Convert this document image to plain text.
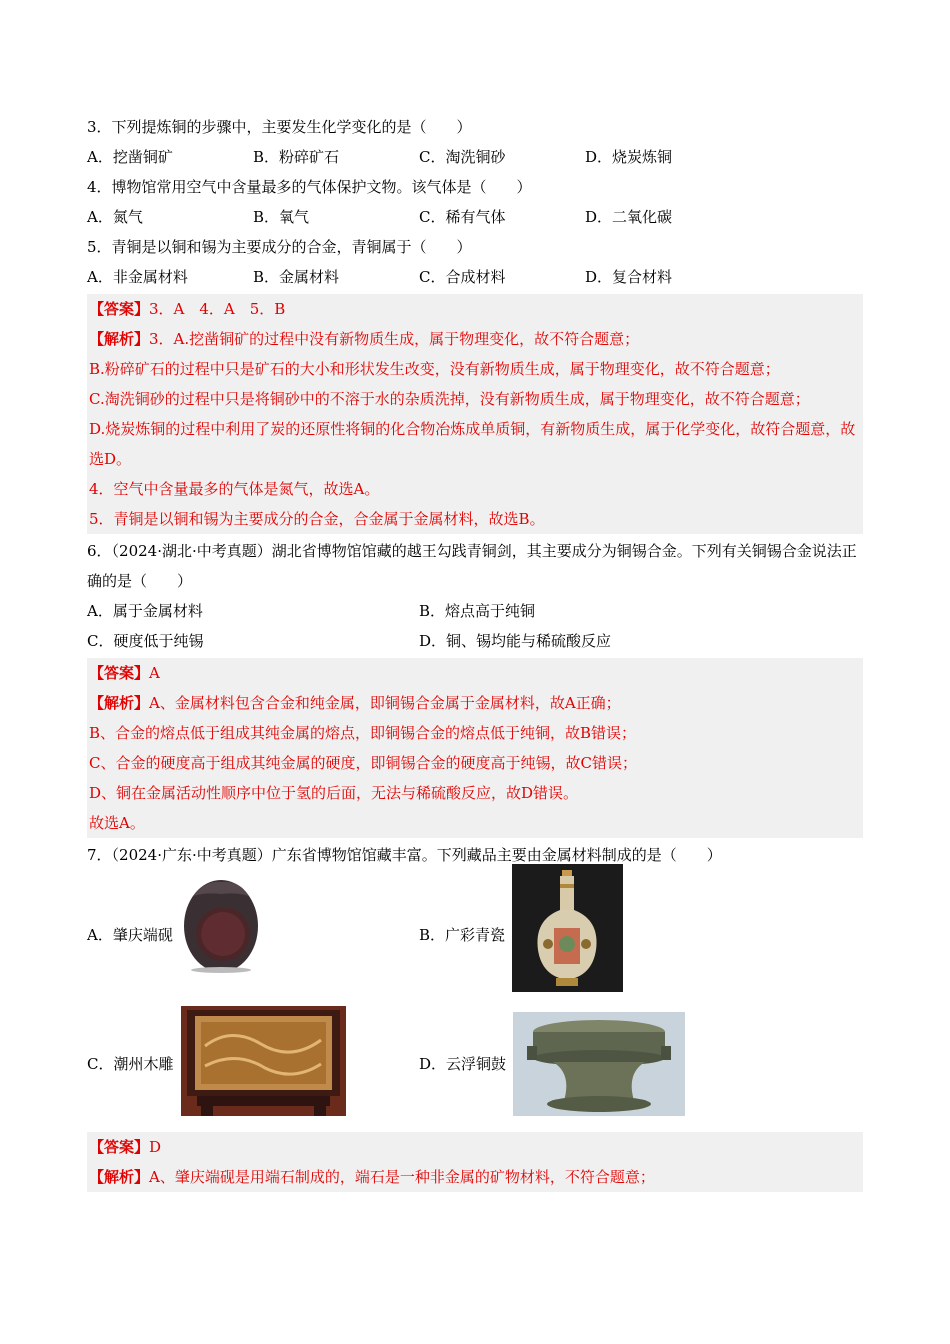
3．下列提炼铜的步骤中，主要发生化学变化的是（　　）

A．挖凿铜矿	B．粉碎矿石	C．淘洗铜砂	D．烧炭炼铜

4．博物馆常用空气中含量最多的气体保护文物。该气体是（　　）

A．氮气	B．氧气	C．稀有气体	D．二氧化碳

5．青铜是以铜和锡为主要成分的合金，青铜属于（　　）

A．非金属材料	B．金属材料	C．合成材料	D．复合材料
【答案】3．A　4．A　5．B
【解析】3．A.挖凿铜矿的过程中没有新物质生成，属于物理变化，故不符合题意；
B.粉碎矿石的过程中只是矿石的大小和形状发生改变，没有新物质生成，属于物理变化，故不符合题意；
C.淘洗铜砂的过程中只是将铜砂中的不溶于水的杂质洗掉，没有新物质生成，属于物理变化，故不符合题意；
D.烧炭炼铜的过程中利用了炭的还原性将铜的化合物冶炼成单质铜，有新物质生成，属于化学变化，故符合题意，故选D。
4．空气中含量最多的气体是氮气，故选A。
5．青铜是以铜和锡为主要成分的合金，合金属于金属材料，故选B。

6．（2024·湖北·中考真题）湖北省博物馆馆藏的越王勾践青铜剑，其主要成分为铜锡合金。下列有关铜锡合金说法正确的是（　　）

A．属于金属材料	B．熔点高于纯铜
C．硬度低于纯锡	D．铜、锡均能与稀硫酸反应
【答案】A
【解析】A、金属材料包含合金和纯金属，即铜锡合金属于金属材料，故A正确；
B、合金的熔点低于组成其纯金属的熔点，即铜锡合金的熔点低于纯铜，故B错误；
C、合金的硬度高于组成其纯金属的硬度，即铜锡合金的硬度高于纯锡，故C错误；
D、铜在金属活动性顺序中位于氢的后面，无法与稀硫酸反应，故D错误。
故选A。

7．（2024·广东·中考真题）广东省博物馆馆藏丰富。下列藏品主要由金属材料制成的是（　　）

A．肇庆端砚	B．广彩青瓷
C．潮州木雕	D．云浮铜鼓
【答案】D
【解析】A、肇庆端砚是用端石制成的，端石是一种非金属的矿物材料，不符合题意；
